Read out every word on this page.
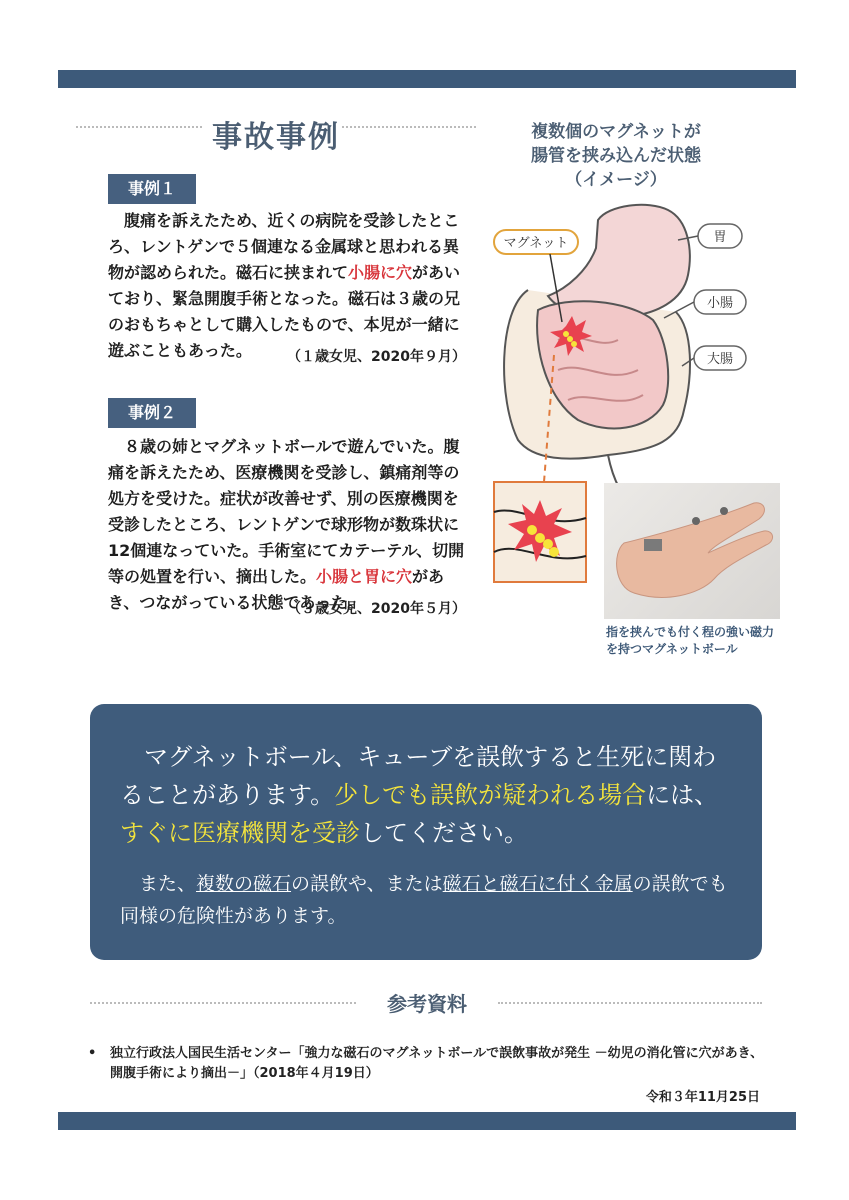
事故事例
事例１

腹痛を訴えたため、近くの病院を受診したところ、レントゲンで５個連なる金属球と思われる異物が認められた。磁石に挟まれて小腸に穴があいており、緊急開腹手術となった。磁石は３歳の兄のおもちゃとして購入したもので、本児が一緒に遊ぶこともあった。	（１歳女児、2020年９月）
事例２

８歳の姉とマグネットボールで遊んでいた。腹痛を訴えたため、医療機関を受診し、鎮痛剤等の処方を受けた。症状が改善せず、別の医療機関を受診したところ、レントゲンで球形物が数珠状に12個連なっていた。手術室にてカテーテル、切開等の処置を行い、摘出した。小腸と胃に穴があき、つながっている状態であった。

（３歳女児、2020年５月）

複数個のマグネットが
腸管を挟み込んだ状態
（イメージ）

マグネット	胃
小腸
大腸
指を挟んでも付く程の強い磁力を持つマグネットボール

マグネットボール、キューブを誤飲すると生死に関わることがあります。少しでも誤飲が疑われる場合には、すぐに医療機関を受診してください。

また、複数の磁石の誤飲や、または磁石と磁石に付く金属の誤飲でも同様の危険性があります。

参考資料
• 独立行政法人国民生活センター「強力な磁石のマグネットボールで誤飲事故が発生 －幼児の消化管に穴があき、開腹手術により摘出－」（2018年４月19日）
令和３年11月25日
